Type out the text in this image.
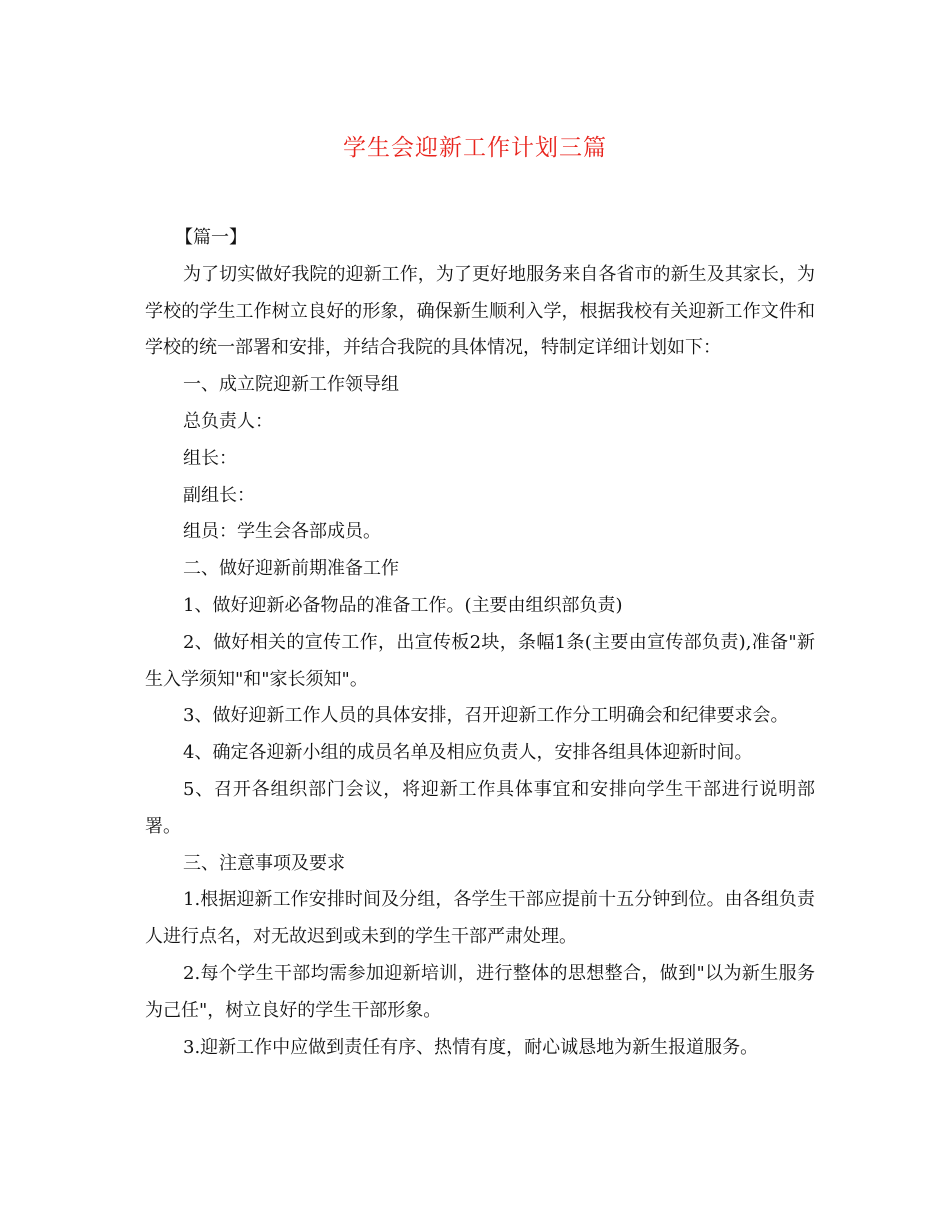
学生会迎新工作计划三篇

【篇一】

为了切实做好我院的迎新工作，为了更好地服务来自各省市的新生及其家长，为学校的学生工作树立良好的形象，确保新生顺利入学，根据我校有关迎新工作文件和学校的统一部署和安排，并结合我院的具体情况，特制定详细计划如下：

一、成立院迎新工作领导组

总负责人：

组长：

副组长：

组员：学生会各部成员。

二、做好迎新前期准备工作

1、做好迎新必备物品的准备工作。(主要由组织部负责)

2、做好相关的宣传工作，出宣传板2块，条幅1条(主要由宣传部负责),准备"新生入学须知"和"家长须知"。

3、做好迎新工作人员的具体安排，召开迎新工作分工明确会和纪律要求会。

4、确定各迎新小组的成员名单及相应负责人，安排各组具体迎新时间。

5、召开各组织部门会议，将迎新工作具体事宜和安排向学生干部进行说明部署。

三、注意事项及要求

1.根据迎新工作安排时间及分组，各学生干部应提前十五分钟到位。由各组负责人进行点名，对无故迟到或未到的学生干部严肃处理。

2.每个学生干部均需参加迎新培训，进行整体的思想整合，做到"以为新生服务为己任"，树立良好的学生干部形象。

3.迎新工作中应做到责任有序、热情有度，耐心诚恳地为新生报道服务。
